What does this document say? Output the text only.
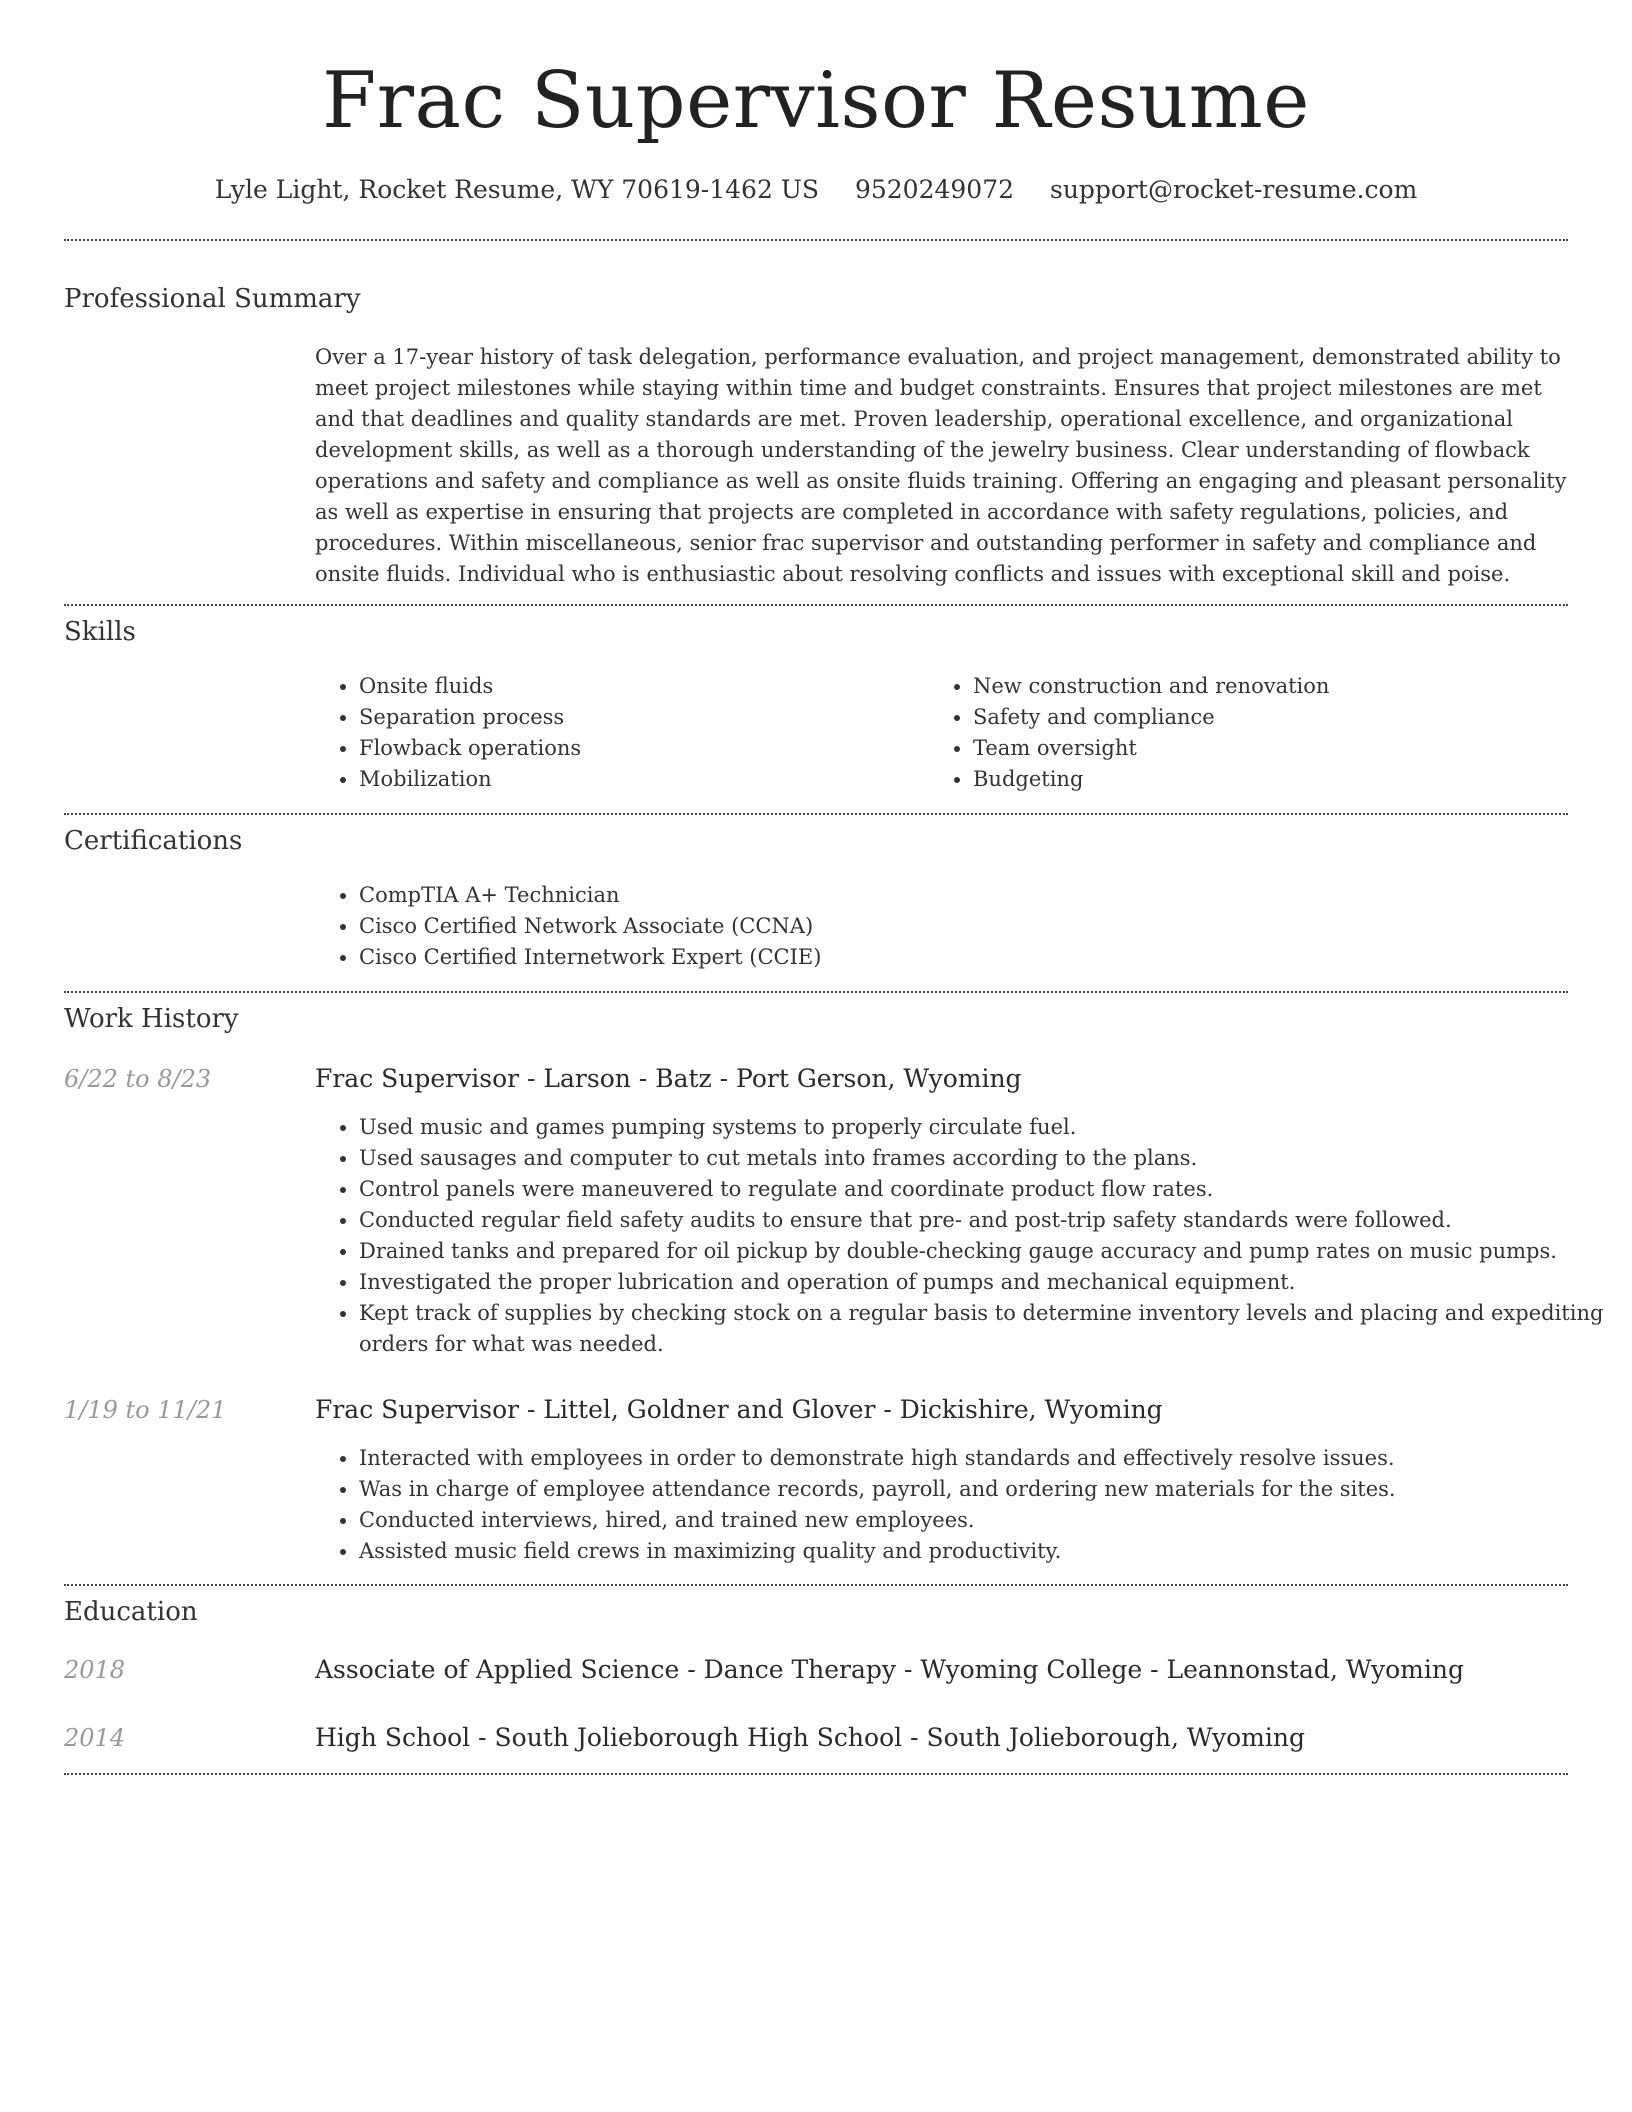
Frac Supervisor Resume
Lyle Light, Rocket Resume, WY 70619-1462 US 9520249072 support@rocket-resume.com
Professional Summary

Over a 17-year history of task delegation, performance evaluation, and project management, demonstrated ability to meet project milestones while staying within time and budget constraints. Ensures that project milestones are met and that deadlines and quality standards are met. Proven leadership, operational excellence, and organizational development skills, as well as a thorough understanding of the jewelry business. Clear understanding of flowback operations and safety and compliance as well as onsite fluids training. Offering an engaging and pleasant personality as well as expertise in ensuring that projects are completed in accordance with safety regulations, policies, and procedures. Within miscellaneous, senior frac supervisor and outstanding performer in safety and compliance and onsite fluids. Individual who is enthusiastic about resolving conflicts and issues with exceptional skill and poise.

Skills
• Onsite fluids
• Separation process
• Flowback operations
• Mobilization
• New construction and renovation
• Safety and compliance
• Team oversight
• Budgeting
Certifications
• CompTIA A+ Technician
• Cisco Certified Network Associate (CCNA)
• Cisco Certified Internetwork Expert (CCIE)
Work History
6/22 to 8/23	Frac Supervisor - Larson - Batz - Port Gerson, Wyoming
• Used music and games pumping systems to properly circulate fuel.
• Used sausages and computer to cut metals into frames according to the plans.
• Control panels were maneuvered to regulate and coordinate product flow rates.
• Conducted regular field safety audits to ensure that pre- and post-trip safety standards were followed.
• Drained tanks and prepared for oil pickup by double-checking gauge accuracy and pump rates on music pumps.
• Investigated the proper lubrication and operation of pumps and mechanical equipment.
• Kept track of supplies by checking stock on a regular basis to determine inventory levels and placing and expediting orders for what was needed.
1/19 to 11/21	Frac Supervisor - Littel, Goldner and Glover - Dickishire, Wyoming
• Interacted with employees in order to demonstrate high standards and effectively resolve issues.
• Was in charge of employee attendance records, payroll, and ordering new materials for the sites.
• Conducted interviews, hired, and trained new employees.
• Assisted music field crews in maximizing quality and productivity.
Education
2018	Associate of Applied Science - Dance Therapy - Wyoming College - Leannonstad, Wyoming
2014	High School - South Jolieborough High School - South Jolieborough, Wyoming
